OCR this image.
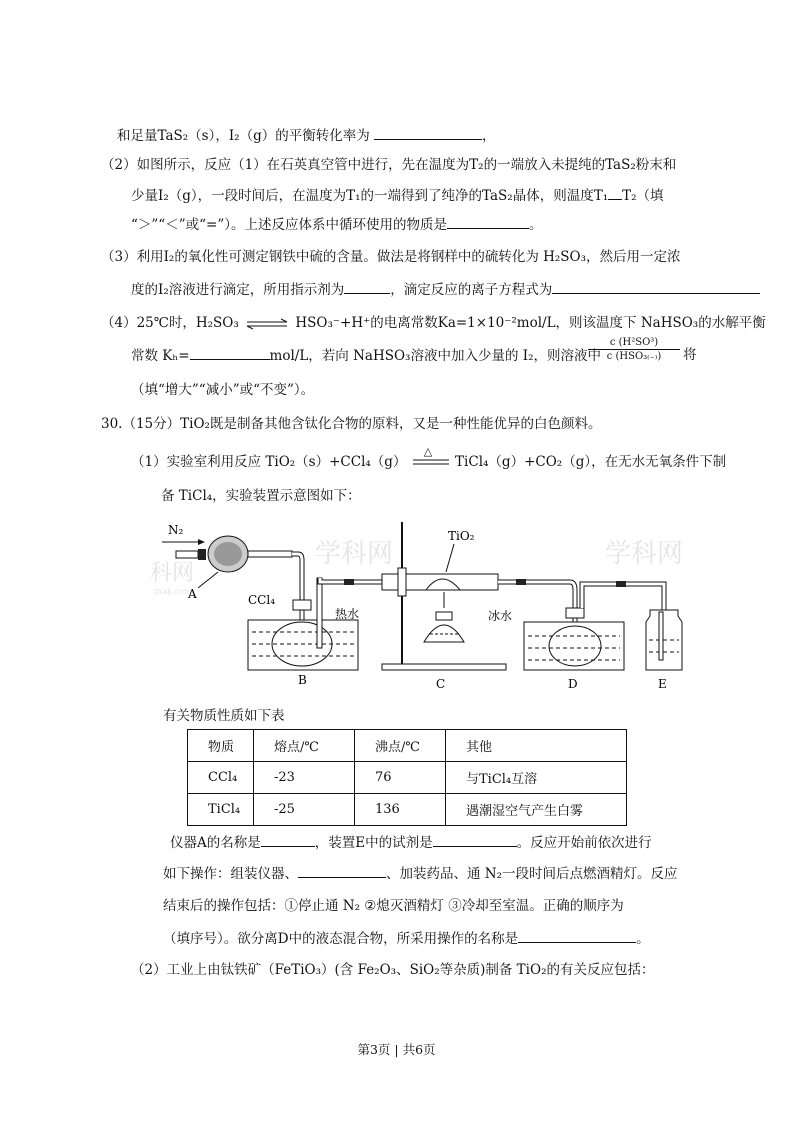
和足量TaS₂（s），I₂（g）的平衡转化率为	，
（2）如图所示，反应（1）在石英真空管中进行，先在温度为T₂的一端放入未提纯的TaS₂粉末和
少量I₂（g），一段时间后，在温度为T₁的一端得到了纯净的TaS₂晶体，则温度T₁ T₂（填
“＞”“＜”或“=”）。上述反应体系中循环使用的物质是	。
（3）利用I₂的氧化性可测定钢铁中硫的含量。做法是将钢样中的硫转化为 H₂SO₃，然后用一定浓
度的I₂溶液进行滴定，所用指示剂为	，滴定反应的离子方程式为
（4）25℃时，H₂SO₃ ⇌ HSO₃⁻+H⁺的电离常数Ka=1×10⁻²mol/L，则该温度下 NaHSO₃的水解平衡
常数 Kₕ=	mol/L，若向 NaHSO₃溶液中加入少量的 I₂，则溶液中
c (H²SO³)
c (HSO₃₍₋₎)	将
（填“增大”“减小”或“不变”）。
30.（15分）TiO₂既是制备其他含钛化合物的原料，又是一种性能优异的白色颜料。
（1）实验室利用反应 TiO₂（s）+CCl₄（g）
△
TiCl₄（g）+CO₂（g），在无水无氧条件下制
备 TiCl₄，实验装置示意图如下：
学科网	学科网
科网
zxxk.com
N₂
A	CCl₄
热水
B
TiO₂
C
冰水
D	E
有关物质性质如下表
物质	熔点/℃	沸点/℃	其他
CCl₄	-23	76	与TiCl₄互溶
TiCl₄	-25	136	遇潮湿空气产生白雾
仪器A的名称是	，装置E中的试剂是	。反应开始前依次进行
如下操作：组装仪器、	、加装药品、通 N₂一段时间后点燃酒精灯。反应
结束后的操作包括：①停止通 N₂ ②熄灭酒精灯 ③冷却至室温。正确的顺序为
（填序号）。欲分离D中的液态混合物，所采用操作的名称是	。
（2）工业上由钛铁矿（FeTiO₃）(含 Fe₂O₃、SiO₂等杂质)制备 TiO₂的有关反应包括：
第3页 | 共6页
